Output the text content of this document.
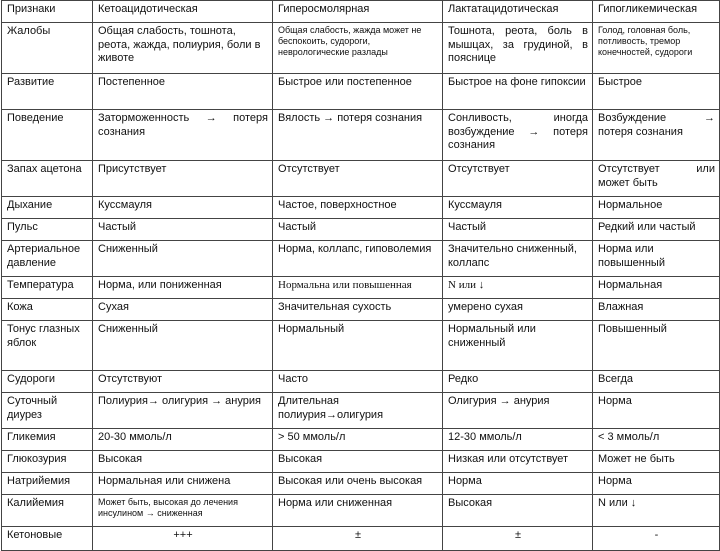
Признаки	Кетоацидотическая	Гиперосмолярная	Лактатацидотическая	Гипогликемическая
Жалобы	Общая слабость, тошнота, реота, жажда, полиурия, боли в животе	Общая слабость, жажда может не беспокоить, судороги, неврологические разлады	Тошнота, реота, боль в мышцах, за грудиной, в пояснице	Голод, головная боль, потливость, тремор конечностей, судороги
Развитие	Постепенное	Быстрое или постепенное	Быстрое на фоне гипоксии	Быстрое
Поведение	Заторможенность → потеря сознания	Вялость → потеря сознания	Сонливость, иногда возбуждение → потеря сознания	Возбуждение → потеря сознания
Запах ацетона	Присутствует	Отсутствует	Отсутствует	Отсутствует или может быть
Дыхание	Куссмауля	Частое, поверхностное	Куссмауля	Нормальное
Пульс	Частый	Частый	Частый	Редкий или частый
Артериальное давление	Сниженный	Норма, коллапс, гиповолемия	Значительно сниженный, коллапс	Норма или повышенный
Температура	Норма, или пониженная	Нормальна или повышенная	N или ↓	Нормальная
Кожа	Сухая	Значительная сухость	умерено сухая	Влажная
Тонус глазных яблок	Сниженный	Нормальный	Нормальный или сниженный	Повышенный
Судороги	Отсутствуют	Часто	Редко	Всегда
Суточный диурез	Полиурия→ олигурия → анурия	Длительная полиурия→олигурия	Олигурия → анурия	Норма
Гликемия	20-30 ммоль/л	> 50 ммоль/л	12-30 ммоль/л	< 3 ммоль/л
Глюкозурия	Высокая	Высокая	Низкая или отсутствует	Может не быть
Натрийемия	Нормальная или снижена	Высокая или очень высокая	Норма	Норма
Калийемия	Может быть, высокая до лечения инсулином → сниженная	Норма или сниженная	Высокая	N или ↓
Кетоновые	+++	±	±	-
